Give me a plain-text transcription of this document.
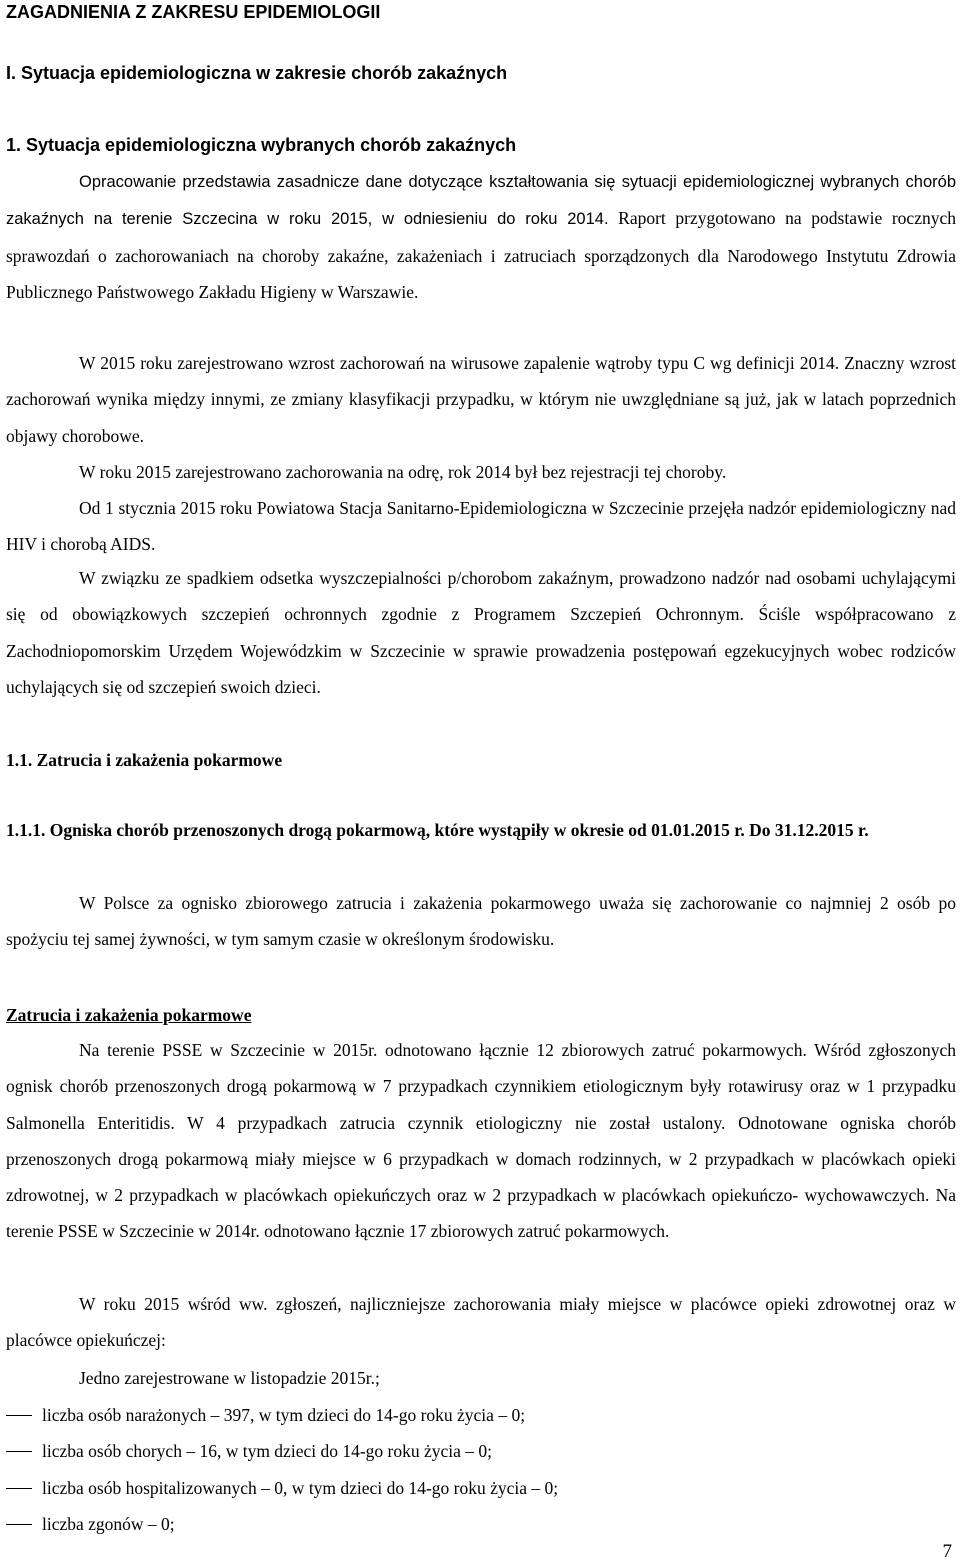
ZAGADNIENIA Z ZAKRESU EPIDEMIOLOGII
I. Sytuacja epidemiologiczna w zakresie chorób zakaźnych
1. Sytuacja epidemiologiczna wybranych chorób zakaźnych

Opracowanie przedstawia zasadnicze dane dotyczące kształtowania się sytuacji epidemiologicznej wybranych chorób zakaźnych na terenie Szczecina w roku 2015, w odniesieniu do roku 2014. Raport przygotowano na podstawie rocznych sprawozdań o zachorowaniach na choroby zakaźne, zakażeniach i zatruciach sporządzonych dla Narodowego Instytutu Zdrowia Publicznego Państwowego Zakładu Higieny w Warszawie.

W 2015 roku zarejestrowano wzrost zachorowań na wirusowe zapalenie wątroby typu C wg definicji 2014. Znaczny wzrost zachorowań wynika między innymi, ze zmiany klasyfikacji przypadku, w którym nie uwzględniane są już, jak w latach poprzednich objawy chorobowe.

W roku 2015 zarejestrowano zachorowania na odrę, rok 2014 był bez rejestracji tej choroby.

Od 1 stycznia 2015 roku Powiatowa Stacja Sanitarno-Epidemiologiczna w Szczecinie przejęła nadzór epidemiologiczny nad HIV i chorobą AIDS.

W związku ze spadkiem odsetka wyszczepialności p/chorobom zakaźnym, prowadzono nadzór nad osobami uchylającymi się od obowiązkowych szczepień ochronnych zgodnie z Programem Szczepień Ochronnym. Ściśle współpracowano z Zachodniopomorskim Urzędem Wojewódzkim w Szczecinie w sprawie prowadzenia postępowań egzekucyjnych wobec rodziców uchylających się od szczepień swoich dzieci.

1.1. Zatrucia i zakażenia pokarmowe

1.1.1. Ogniska chorób przenoszonych drogą pokarmową, które wystąpiły w okresie od 01.01.2015 r. Do 31.12.2015 r.

W Polsce za ognisko zbiorowego zatrucia i zakażenia pokarmowego uważa się zachorowanie co najmniej 2 osób po spożyciu tej samej żywności, w tym samym czasie w określonym środowisku.

Zatrucia i zakażenia pokarmowe

Na terenie PSSE w Szczecinie w 2015r. odnotowano łącznie 12 zbiorowych zatruć pokarmowych. Wśród zgłoszonych ognisk chorób przenoszonych drogą pokarmową w 7 przypadkach czynnikiem etiologicznym były rotawirusy oraz w 1 przypadku Salmonella Enteritidis. W 4 przypadkach zatrucia czynnik etiologiczny nie został ustalony. Odnotowane ogniska chorób przenoszonych drogą pokarmową miały miejsce w 6 przypadkach w domach rodzinnych, w 2 przypadkach w placówkach opieki zdrowotnej, w 2 przypadkach w placówkach opiekuńczych oraz w 2 przypadkach w placówkach opiekuńczo- wychowawczych. Na terenie PSSE w Szczecinie w 2014r. odnotowano łącznie 17 zbiorowych zatruć pokarmowych.

W roku 2015 wśród ww. zgłoszeń, najliczniejsze zachorowania miały miejsce w placówce opieki zdrowotnej oraz w placówce opiekuńczej:

Jedno zarejestrowane w listopadzie 2015r.;
liczba osób narażonych – 397, w tym dzieci do 14-go roku życia – 0;
liczba osób chorych – 16, w tym dzieci do 14-go roku życia – 0;
liczba osób hospitalizowanych – 0, w tym dzieci do 14-go roku życia – 0;
liczba zgonów – 0;
7
